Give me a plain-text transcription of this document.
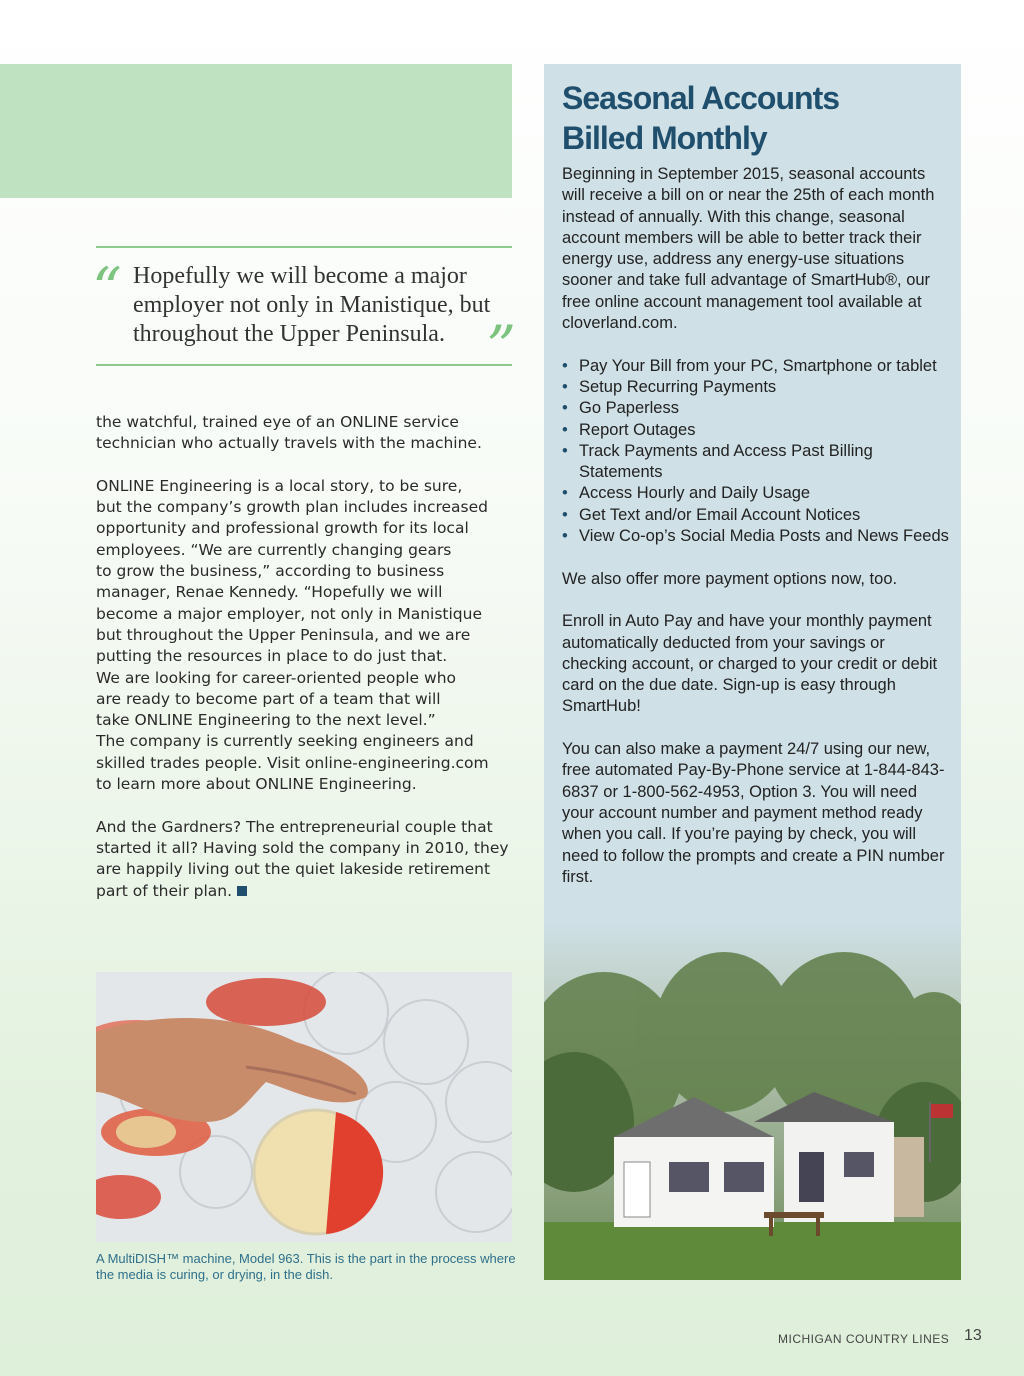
“ Hopefully we will become a major employer not only in Manistique, but throughout the Upper Peninsula. ”

the watchful, trained eye of an ONLINE service
technician who actually travels with the machine.

ONLINE Engineering is a local story, to be sure,
but the company’s growth plan includes increased
opportunity and professional growth for its local
employees. “We are currently changing gears
to grow the business,” according to business
manager, Renae Kennedy. “Hopefully we will
become a major employer, not only in Manistique
but throughout the Upper Peninsula, and we are
putting the resources in place to do just that.
We are looking for career-oriented people who
are ready to become part of a team that will
take ONLINE Engineering to the next level.”
The company is currently seeking engineers and
skilled trades people. Visit online-engineering.com
to learn more about ONLINE Engineering.

And the Gardners? The entrepreneurial couple that
started it all? Having sold the company in 2010, they
are happily living out the quiet lakeside retirement
part of their plan.

A MultiDISH™ machine, Model 963. This is the part in the process where the media is curing, or drying, in the dish.
Seasonal Accounts
Billed Monthly

Beginning in September 2015, seasonal accounts will receive a bill on or near the 25th of each month instead of annually. With this change, seasonal account members will be able to better track their energy use, address any energy-use situations sooner and take full advantage of SmartHub®, our free online account management tool available at cloverland.com.

• Pay Your Bill from your PC, Smartphone or tablet
• Setup Recurring Payments
• Go Paperless
• Report Outages
• Track Payments and Access Past Billing Statements
• Access Hourly and Daily Usage
• Get Text and/or Email Account Notices
• View Co-op’s Social Media Posts and News Feeds

We also offer more payment options now, too.

Enroll in Auto Pay and have your monthly payment automatically deducted from your savings or checking account, or charged to your credit or debit card on the due date. Sign-up is easy through SmartHub!

You can also make a payment 24/7 using our new, free automated Pay-By-Phone service at 1-844-843-6837 or 1-800-562-4953, Option 3. You will need your account number and payment method ready when you call. If you’re paying by check, you will need to follow the prompts and create a PIN number first.

MICHIGAN COUNTRY LINES 13
